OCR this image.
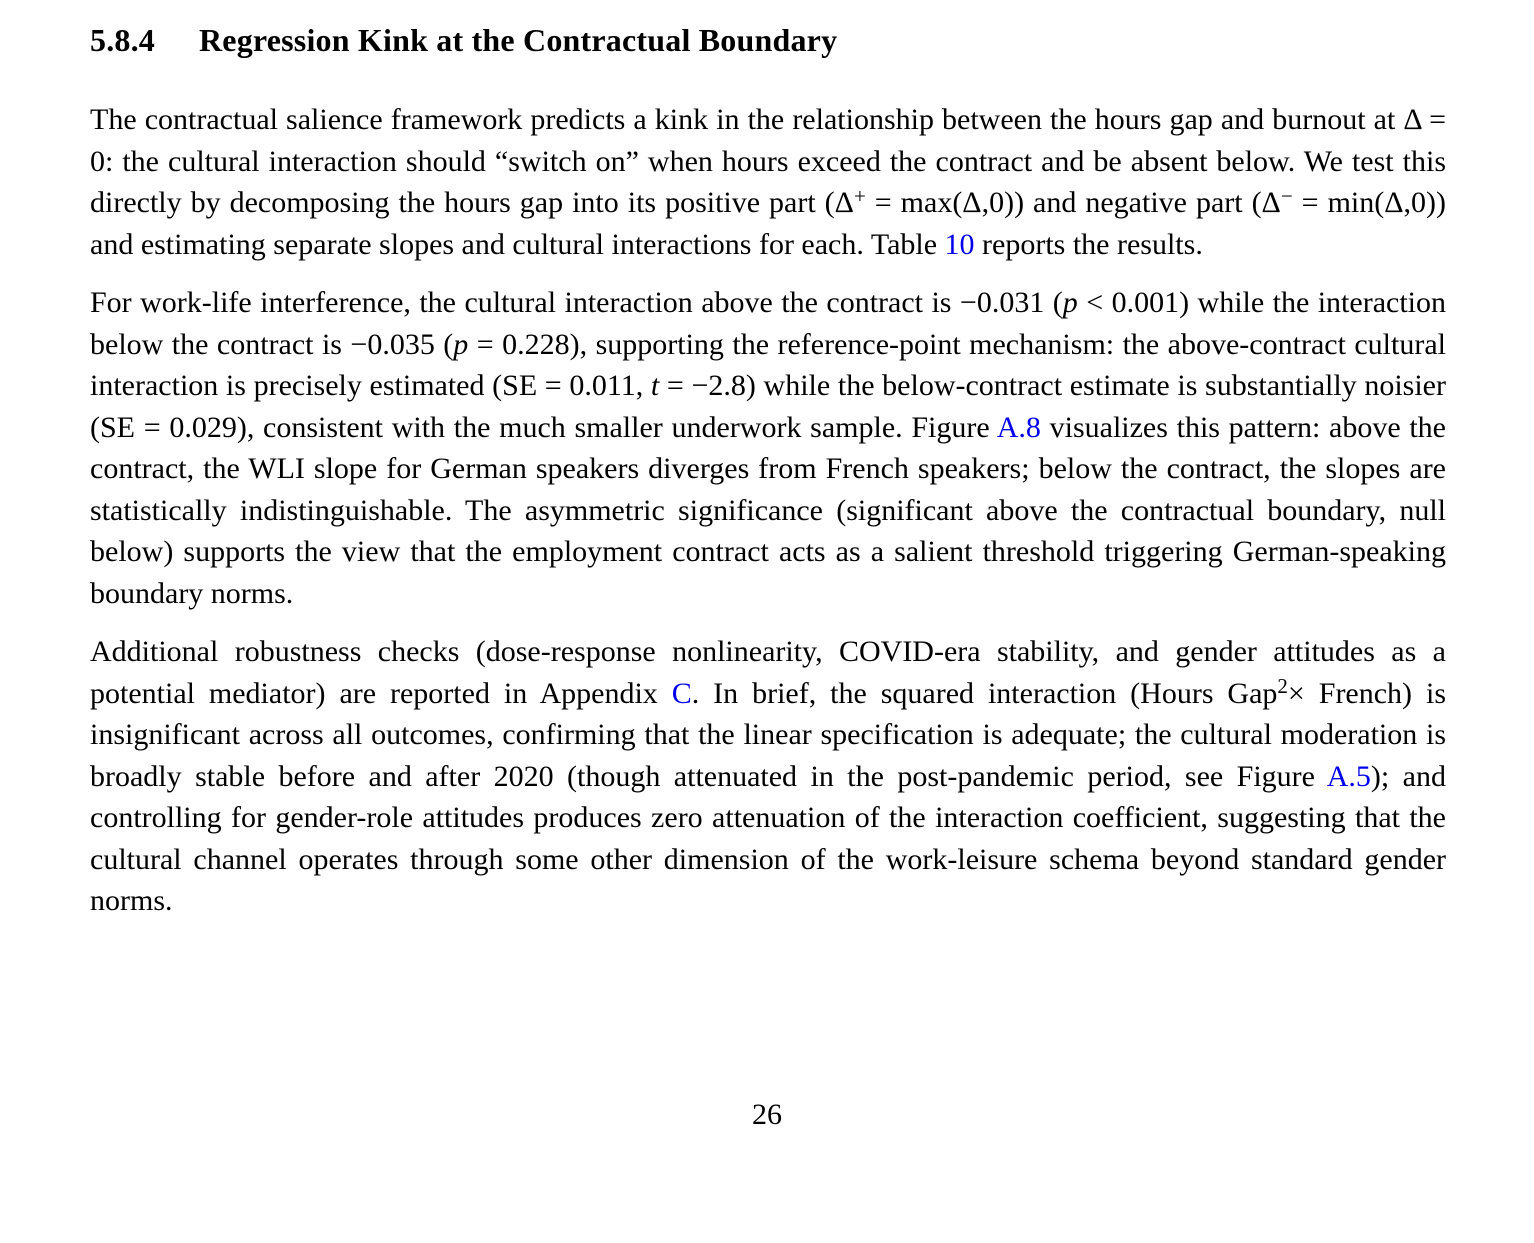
5.8.4 Regression Kink at the Contractual Boundary

The contractual salience framework predicts a kink in the relationship between the hours gap and burnout at Δ = 0: the cultural interaction should “switch on” when hours exceed the contract and be absent below. We test this directly by decomposing the hours gap into its positive part (Δ+ = max(Δ,0)) and negative part (Δ− = min(Δ,0)) and estimating separate slopes and cultural interactions for each. Table 10 reports the results.

For work-life interference, the cultural interaction above the contract is −0.031 (p < 0.001) while the interaction below the contract is −0.035 (p = 0.228), supporting the reference-point mechanism: the above-contract cultural interaction is precisely estimated (SE = 0.011, t = −2.8) while the below-contract estimate is substantially noisier (SE = 0.029), consistent with the much smaller underwork sample. Figure A.8 visualizes this pattern: above the contract, the WLI slope for German speakers diverges from French speakers; below the contract, the slopes are statistically indistinguishable. The asymmetric significance (significant above the contractual boundary, null below) supports the view that the employment contract acts as a salient threshold triggering German-speaking boundary norms.

Additional robustness checks (dose-response nonlinearity, COVID-era stability, and gender attitudes as a potential mediator) are reported in Appendix C. In brief, the squared interaction (Hours Gap$^2$× French) is insignificant across all outcomes, confirming that the linear specification is adequate; the cultural moderation is broadly stable before and after 2020 (though attenuated in the post-pandemic period, see Figure A.5); and controlling for gender-role attitudes produces zero attenuation of the interaction coefficient, suggesting that the cultural channel operates through some other dimension of the work-leisure schema beyond standard gender norms.

26
